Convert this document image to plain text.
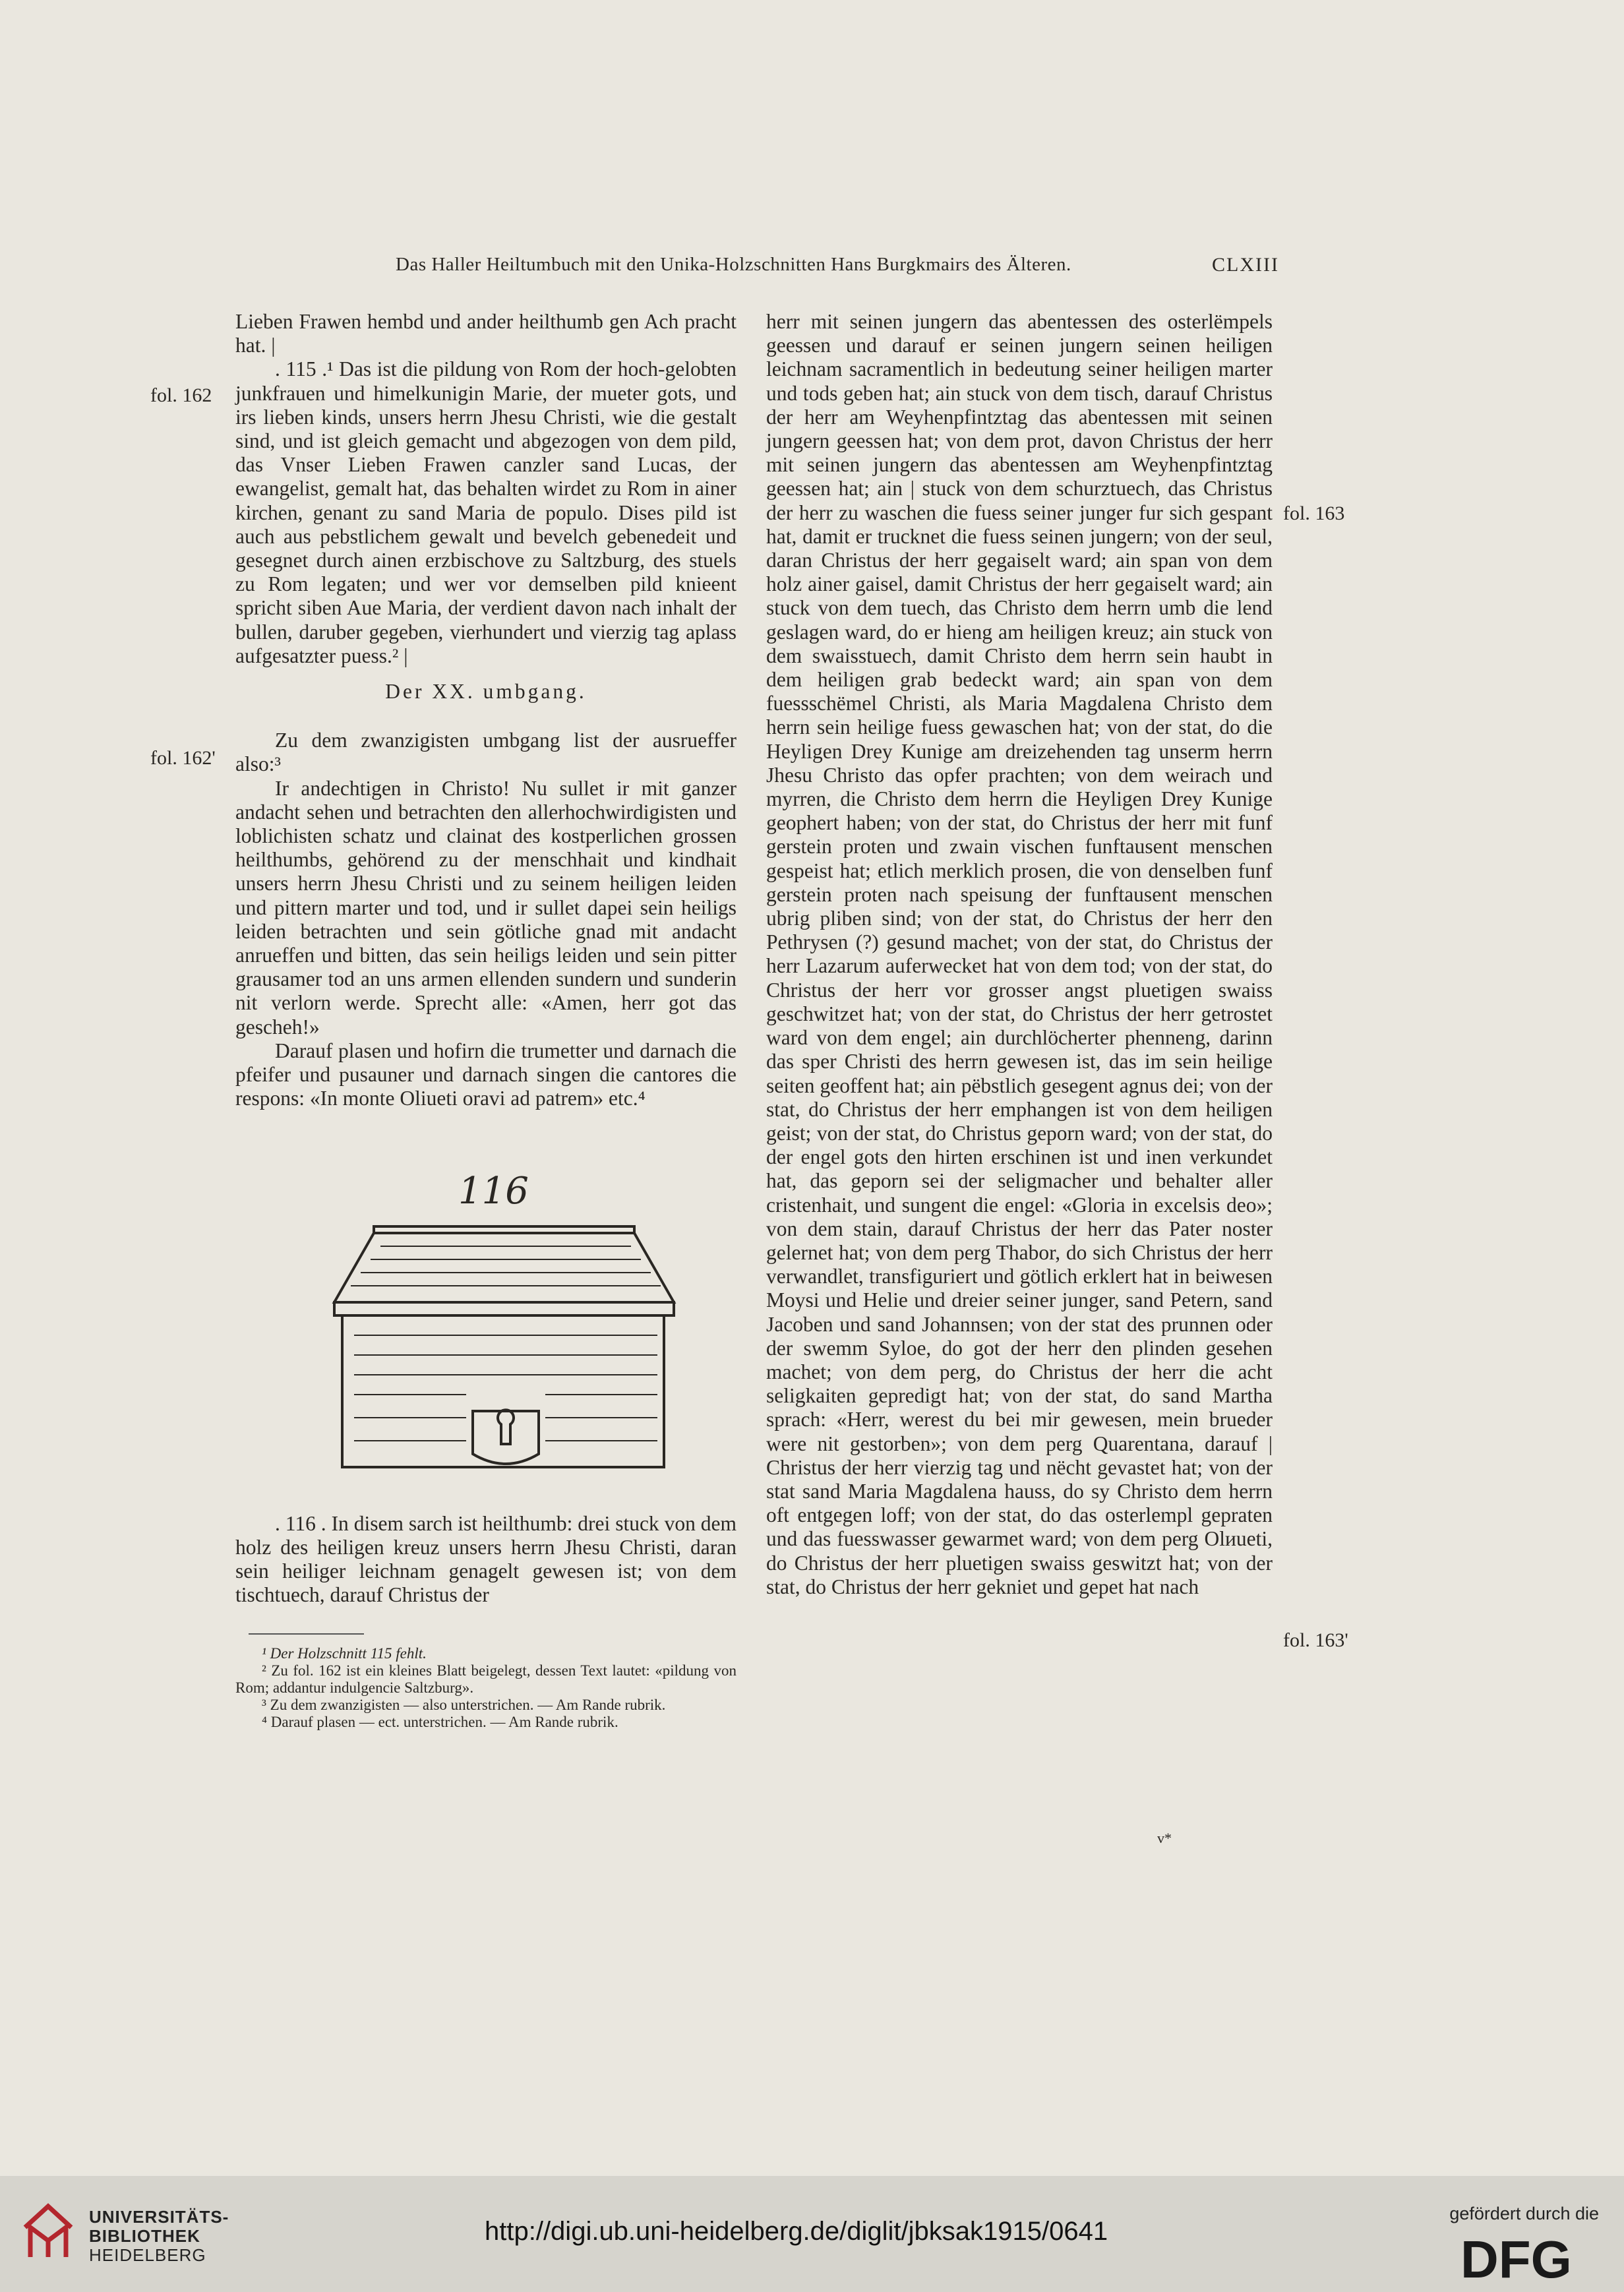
Das Haller Heiltumbuch mit den Unika-Holzschnitten Hans Burgkmairs des Älteren.	CLXIII
fol. 162
fol. 162'
fol. 163
fol. 163'

Lieben Frawen hembd und ander heilthumb gen Ach pracht hat. |

. 115 .¹ Das ist die pildung von Rom der hoch-gelobten junkfrauen und himelkunigin Marie, der mueter gots, und irs lieben kinds, unsers herrn Jhesu Christi, wie die gestalt sind, und ist gleich gemacht und abgezogen von dem pild, das Vnser Lieben Frawen canzler sand Lucas, der ewangelist, gemalt hat, das behalten wirdet zu Rom in ainer kirchen, genant zu sand Maria de populo. Dises pild ist auch aus pebstlichem gewalt und bevelch gebenedeit und gesegnet durch ainen erzbischove zu Saltzburg, des stuels zu Rom legaten; und wer vor demselben pild knieent spricht siben Aue Maria, der verdient davon nach inhalt der bullen, daruber gegeben, vierhundert und vierzig tag aplass aufgesatzter puess.² |

Der XX. umbgang.

Zu dem zwanzigisten umbgang list der ausrueffer also:³

Ir andechtigen in Christo! Nu sullet ir mit ganzer andacht sehen und betrachten den allerhochwirdigisten und loblichisten schatz und clainat des kostperlichen grossen heilthumbs, gehörend zu der menschhait und kindhait unsers herrn Jhesu Christi und zu seinem heiligen leiden und pittern marter und tod, und ir sullet dapei sein heiligs leiden betrachten und sein götliche gnad mit andacht anrueffen und bitten, das sein heiligs leiden und sein pitter grausamer tod an uns armen ellenden sundern und sunderin nit verlorn werde. Sprecht alle: «Amen, herr got das gescheh!»

Darauf plasen und hofirn die trumetter und darnach die pfeifer und pusauner und darnach singen die cantores die respons: «In monte Oliueti oravi ad patrem» etc.⁴

116

. 116 . In disem sarch ist heilthumb: drei stuck von dem holz des heiligen kreuz unsers herrn Jhesu Christi, daran sein heiliger leichnam genagelt gewesen ist; von dem tischtuech, darauf Christus der

¹ Der Holzschnitt 115 fehlt.

² Zu fol. 162 ist ein kleines Blatt beigelegt, dessen Text lautet: «pildung von Rom; addantur indulgencie Saltzburg».

³ Zu dem zwanzigisten — also unterstrichen. — Am Rande rubrik.

⁴ Darauf plasen — ect. unterstrichen. — Am Rande rubrik.

herr mit seinen jungern das abentessen des osterlëmpels geessen und darauf er seinen jungern seinen heiligen leichnam sacramentlich in bedeutung seiner heiligen marter und tods geben hat; ain stuck von dem tisch, darauf Christus der herr am Weyhenpfintztag das abentessen mit seinen jungern geessen hat; von dem prot, davon Christus der herr mit seinen jungern das abentessen am Weyhenpfintztag geessen hat; ain | stuck von dem schurztuech, das Christus der herr zu waschen die fuess seiner junger fur sich gespant hat, damit er trucknet die fuess seinen jungern; von der seul, daran Christus der herr gegaiselt ward; ain span von dem holz ainer gaisel, damit Christus der herr gegaiselt ward; ain stuck von dem tuech, das Christo dem herrn umb die lend geslagen ward, do er hieng am heiligen kreuz; ain stuck von dem swaisstuech, damit Christo dem herrn sein haubt in dem heiligen grab bedeckt ward; ain span von dem fuessschëmel Christi, als Maria Magdalena Christo dem herrn sein heilige fuess gewaschen hat; von der stat, do die Heyligen Drey Kunige am dreizehenden tag unserm herrn Jhesu Christo das opfer prachten; von dem weirach und myrren, die Christo dem herrn die Heyligen Drey Kunige geophert haben; von der stat, do Christus der herr mit funf gerstein proten und zwain vischen funftausent menschen gespeist hat; etlich merklich prosen, die von denselben funf gerstein proten nach speisung der funftausent menschen ubrig pliben sind; von der stat, do Christus der herr den Pethrysen (?) gesund machet; von der stat, do Christus der herr Lazarum auferwecket hat von dem tod; von der stat, do Christus der herr vor grosser angst pluetigen swaiss geschwitzet hat; von der stat, do Christus der herr getrostet ward von dem engel; ain durchlöcherter phenneng, darinn das sper Christi des herrn gewesen ist, das im sein heilige seiten geoffent hat; ain pëbstlich gesegent agnus dei; von der stat, do Christus der herr emphangen ist von dem heiligen geist; von der stat, do Christus geporn ward; von der stat, do der engel gots den hirten erschinen ist und inen verkundet hat, das geporn sei der seligmacher und behalter aller cristenhait, und sungent die engel: «Gloria in excelsis deo»; von dem stain, darauf Christus der herr das Pater noster gelernet hat; von dem perg Thabor, do sich Christus der herr verwandlet, transfiguriert und götlich erklert hat in beiwesen Moysi und Helie und dreier seiner junger, sand Petern, sand Jacoben und sand Johannsen; von der stat des prunnen oder der swemm Syloe, do got der herr den plinden gesehen machet; von dem perg, do Christus der herr die acht seligkaiten gepredigt hat; von der stat, do sand Martha sprach: «Herr, werest du bei mir gewesen, mein brueder were nit gestorben»; von dem perg Quarentana, darauf | Christus der herr vierzig tag und nëcht gevastet hat; von der stat sand Maria Magdalena hauss, do sy Christo dem herrn oft entgegen loff; von der stat, do das osterlempl gepraten und das fuesswasser gewarmet ward; von dem perg Olиueti, do Christus der herr pluetigen swaiss geswitzt hat; von der stat, do Christus der herr gekniet und gepet hat nach

v*
UNIVERSITÄTS-
BIBLIOTHEK
HEIDELBERG
http://digi.ub.uni-heidelberg.de/diglit/jbksak1915/0641
gefördert durch die
DFG
